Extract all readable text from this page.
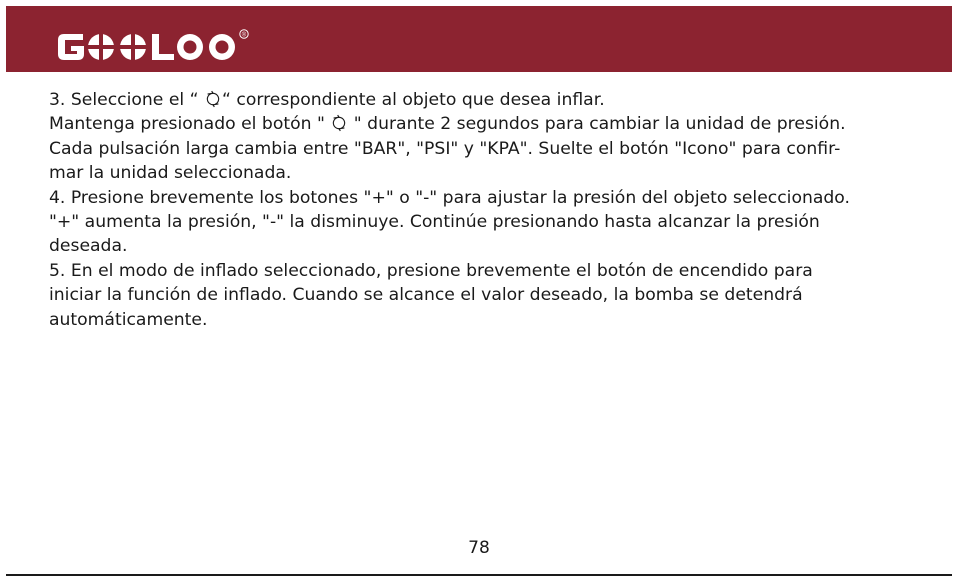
®

3. Seleccione el “ “ correspondiente al objeto que desea inflar.

Mantenga presionado el botón "  " durante 2 segundos para cambiar la unidad de presión.

Cada pulsación larga cambia entre "BAR", "PSI" y "KPA". Suelte el botón "Icono" para confir-

mar la unidad seleccionada.

4. Presione brevemente los botones "+" o "-" para ajustar la presión del objeto seleccionado.

"+" aumenta la presión, "-" la disminuye. Continúe presionando hasta alcanzar la presión

deseada.

5. En el modo de inflado seleccionado, presione brevemente el botón de encendido para

iniciar la función de inflado. Cuando se alcance el valor deseado, la bomba se detendrá

automáticamente.

78
